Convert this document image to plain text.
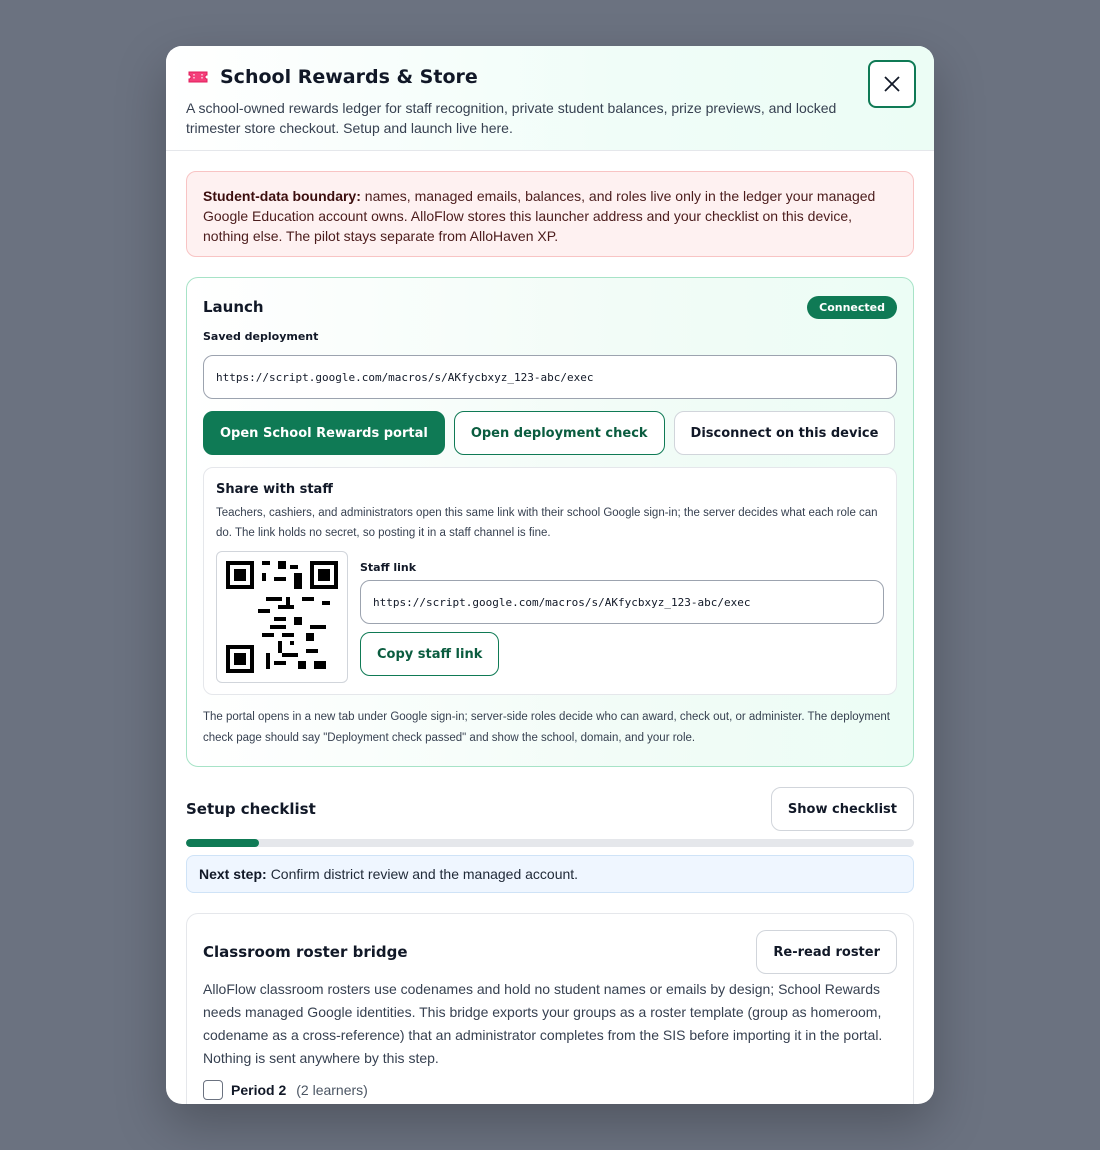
School Rewards & Store
A school-owned rewards ledger for staff recognition, private student balances, prize previews, and locked trimester store checkout. Setup and launch live here.
Student-data boundary: names, managed emails, balances, and roles live only in the ledger your managed Google Education account owns. AlloFlow stores this launcher address and your checklist on this device, nothing else. The pilot stays separate from AlloHaven XP.
Launch	Connected
Saved deployment
https://script.google.com/macros/s/AKfycbxyz_123-abc/exec
Open School Rewards portal	Open deployment check	Disconnect on this device
Share with staff
Teachers, cashiers, and administrators open this same link with their school Google sign-in; the server decides what each role can do. The link holds no secret, so posting it in a staff channel is fine.
Staff link
https://script.google.com/macros/s/AKfycbxyz_123-abc/exec Copy staff link
The portal opens in a new tab under Google sign-in; server-side roles decide who can award, check out, or administer. The deployment check page should say "Deployment check passed" and show the school, domain, and your role.
Setup checklist	Show checklist
Next step: Confirm district review and the managed account.
Classroom roster bridge	Re-read roster
AlloFlow classroom rosters use codenames and hold no student names or emails by design; School Rewards needs managed Google identities. This bridge exports your groups as a roster template (group as homeroom, codename as a cross-reference) that an administrator completes from the SIS before importing it in the portal. Nothing is sent anywhere by this step.
Period 2 (2 learners)
